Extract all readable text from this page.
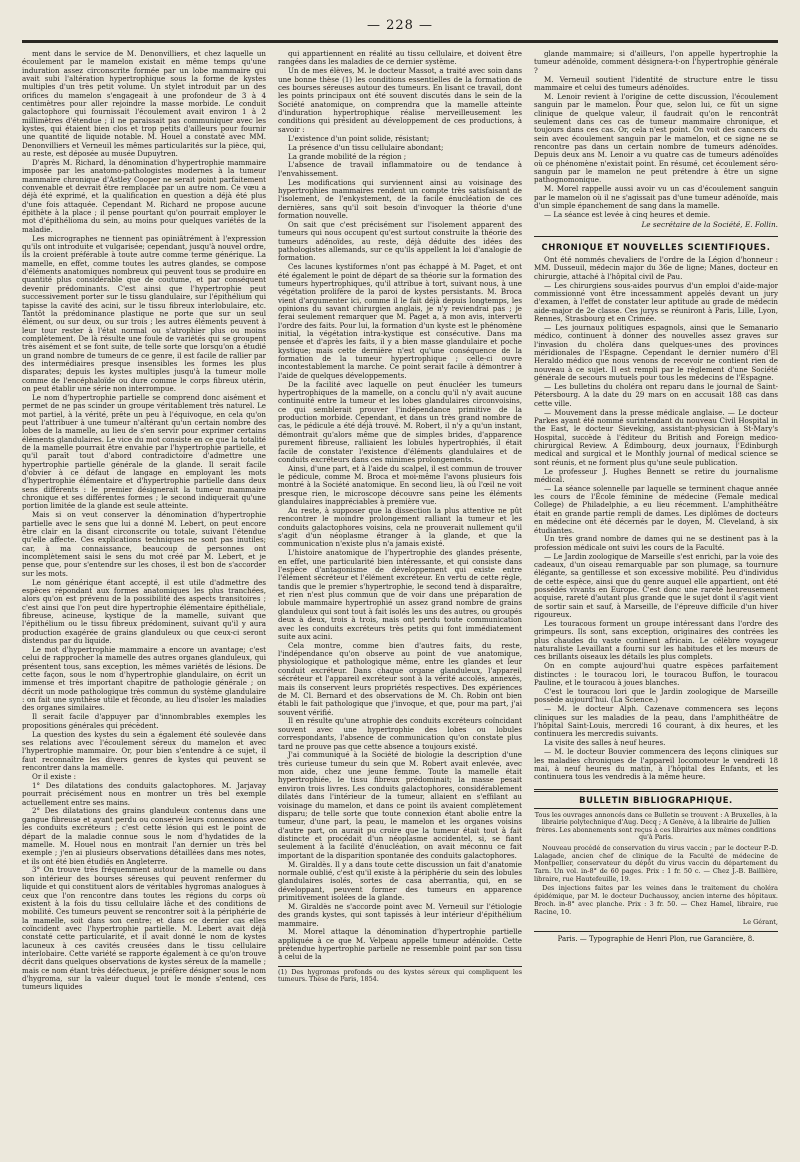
— 228 —

ment dans le service de M. Denonvilliers, et chez laquelle un écoulement par le mamelon existait en même temps qu'une induration assez circonscrite formée par un lobe mammaire qui avait subi l'altération hypertrophique sous la forme de kystes multiples d'un très petit volume. Un stylet introduit par un des orifices du mamelon s'engageait à une profondeur de 3 à 4 centimètres pour aller rejoindre la masse morbide. Le conduit galactophore qui fournissait l'écoulement avait environ 1 à 2 millimètres d'étendue ; il ne paraissait pas communiquer avec les kystes, qui étaient bien clos et trop petits d'ailleurs pour fournir une quantité de liquide notable. M. Houel a constaté avec MM. Denonvilliers et Verneuil les mêmes particularités sur la pièce, qui, au reste, est déposée au musée Dupuytren.

D'après M. Richard, la dénomination d'hypertrophie mammaire imposée par les anatomo-pathologistes modernes à la tumeur mammaire chronique d'Astley Cooper ne serait point parfaitement convenable et devrait être remplacée par un autre nom. Ce vœu a déjà été exprimé, et la qualification en question a déjà été plus d'une fois attaquée. Cependant M. Richard ne propose aucune épithète à la place ; il pense pourtant qu'on pourrait employer le mot d'épithélioma du sein, au moins pour quelques variétés de la maladie.

Les micrographes ne tiennent pas opiniâtrément à l'expression qu'ils ont introduite et vulgarisée; cependant, jusqu'à nouvel ordre, ils la croient préférable à toute autre comme terme générique. La mamelle, en effet, comme toutes les autres glandes, se compose d'éléments anatomiques nombreux qui peuvent tous se produire en quantité plus considérable que de coutume, et par conséquent devenir prédominants. C'est ainsi que l'hypertrophie peut successivement porter sur le tissu glandulaire, sur l'épithélium qui tapisse la cavité des acini, sur le tissu fibreux interlobulaire, etc. Tantôt la prédominance plastique ne porte que sur un seul élément, ou sur deux, ou sur trois ; les autres éléments peuvent à leur tour rester à l'état normal ou s'atrophier plus ou moins complètement. De là résulte une foule de variétés qui se groupent très aisément et se font suite, de telle sorte que lorsqu'on a étudié un grand nombre de tumeurs de ce genre, il est facile de rallier par des intermédiaires presque insensibles les formes les plus disparates; depuis les kystes multiples jusqu'à la tumeur molle comme de l'encéphaloïde ou dure comme le corps fibreux utérin, on peut établir une série non interrompue.

Le nom d'hypertrophie partielle se comprend donc aisément et permet de ne pas scinder un groupe véritablement très naturel. Le mot partiel, à la vérité, prête un peu à l'équivoque, en cela qu'on peut l'attribuer à une tumeur n'altérant qu'un certain nombre des lobes de la mamelle, au lieu de s'en servir pour exprimer certains éléments glandulaires. Le vice du mot consiste en ce que la totalité de la mamelle pourrait être envahie par l'hypertrophie partielle, et qu'il paraît tout d'abord contradictoire d'admettre une hypertrophie partielle générale de la glande. Il serait facile d'obvier à ce défaut de langage en employant les mots d'hypertrophie élémentaire et d'hypertrophie partielle dans deux sens différents : le premier désignerait la tumeur mammaire chronique et ses différentes formes ; le second indiquerait qu'une portion limitée de la glande est seule atteinte.

Mais si on veut conserver la dénomination d'hypertrophie partielle avec le sens que lui a donné M. Lebert, on peut encore être clair en la disant circonscrite ou totale, suivant l'étendue qu'elle affecte. Ces explications techniques ne sont pas inutiles; car, à ma connaissance, beaucoup de personnes ont incomplètement saisi le sens du mot créé par M. Lebert, et je pense que, pour s'entendre sur les choses, il est bon de s'accorder sur les mots.

Le nom générique étant accepté, il est utile d'admettre des espèces répondant aux formes anatomiques les plus tranchées, alors qu'on est prévenu de la possibilité des aspects transitoires ; c'est ainsi que l'on peut dire hypertrophie élémentaire épithéliale, fibreuse, acineuse, kystique de la mamelle, suivant que l'épithélium ou le tissu fibreux prédominent, suivant qu'il y aura production exagérée de grains glanduleux ou que ceux-ci seront distendus par du liquide.

Le mot d'hypertrophie mammaire a encore un avantage; c'est celui de rapprocher la mamelle des autres organes glanduleux, qui présentent tous, sans exception, les mêmes variétés de lésions. De cette façon, sous le nom d'hypertrophie glandulaire, on écrit un immense et très important chapitre de pathologie générale ; on décrit un mode pathologique très commun du système glandulaire : on fait une synthèse utile et féconde, au lieu d'isoler les maladies des organes similaires.

Il serait facile d'appuyer par d'innombrables exemples les propositions générales qui précèdent.

La question des kystes du sein a également été soulevée dans ses relations avec l'écoulement séreux du mamelon et avec l'hypertrophie mammaire. Or, pour bien s'entendre à ce sujet, il faut reconnaître les divers genres de kystes qui peuvent se rencontrer dans la mamelle.

Or il existe :

1° Des dilatations des conduits galactophores. M. Jarjavay pourrait précisément nous en montrer un très bel exemple actuellement entre ses mains.

2° Des dilatations des grains glanduleux contenus dans une gangue fibreuse et ayant perdu ou conservé leurs connexions avec les conduits excréteurs ; c'est cette lésion qui est le point de départ de la maladie connue sous le nom d'hydatides de la mamelle. M. Houel nous en montrait l'an dernier un très bel exemple ; j'en ai plusieurs observations détaillées dans mes notes, et ils ont été bien étudiés en Angleterre.

3° On trouve très fréquemment autour de la mamelle ou dans son intérieur des bourses séreuses qui peuvent renfermer du liquide et qui constituent alors de véritables hygromas analogues à ceux que l'on rencontre dans toutes les régions du corps où existent à la fois du tissu cellulaire lâche et des conditions de mobilité. Ces tumeurs peuvent se rencontrer soit à la périphérie de la mamelle, soit dans son centre; et dans ce dernier cas elles coïncident avec l'hypertrophie partielle. M. Lebert avait déjà constaté cette particularité, et il avait donné le nom de kystes lacuneux à ces cavités creusées dans le tissu cellulaire interlobaire. Cette variété se rapporte également à ce qu'on trouve décrit dans quelques observations de kystes séreux de la mamelle ; mais ce nom étant très défectueux, je préfère désigner sous le nom d'hygroma, sur la valeur duquel tout le monde s'entend, ces tumeurs liquides

qui appartiennent en réalité au tissu cellulaire, et doivent être rangées dans les maladies de ce dernier système.

Un de mes élèves, M. le docteur Massot, a traité avec soin dans une bonne thèse (1) les conditions essentielles de la formation de ces bourses séreuses autour des tumeurs. En lisant ce travail, dont les points principaux ont été souvent discutés dans le sein de la Société anatomique, on comprendra que la mamelle atteinte d'induration hypertrophique réalise merveilleusement les conditions qui président au développement de ces productions, à savoir :

L'existence d'un point solide, résistant;

La présence d'un tissu cellulaire abondant;

La grande mobilité de la région ;

L'absence de travail inflammatoire ou de tendance à l'envahissement.

Les modifications qui surviennent ainsi au voisinage des hypertrophies mammaires rendent un compte très satisfaisant de l'isolement, de l'enkystement, de la facile énucléation de ces dernières, sans qu'il soit besoin d'invoquer la théorie d'une formation nouvelle.

On sait que c'est précisément sur l'isolement apparent des tumeurs qui nous occupent qu'est surtout construite la théorie des tumeurs adénoïdes, au reste, déjà déduite des idées des pathologistes allemands, sur ce qu'ils appellent la loi d'analogie de formation.

Ces lacunes kystiformes n'ont pas échappé à M. Paget, et ont été également le point de départ de sa théorie sur la formation des tumeurs hypertrophiques, qu'il attribue à tort, suivant nous, à une végétation prolifère de la paroi de kystes persistants. M. Broca vient d'argumenter ici, comme il le fait déjà depuis longtemps, les opinions du savant chirurgien anglais, je n'y reviendrai pas ; je ferai seulement remarquer que M. Paget a, à mon avis, interverti l'ordre des faits. Pour lui, la formation d'un kyste est le phénomène initial, la végétation intra-kystique est consécutive. Dans ma pensée et d'après les faits, il y a bien masse glandulaire et poche kystique; mais cette dernière n'est qu'une conséquence de la formation de la tumeur hypertrophique ; celle-ci ouvre incontestablement la marche. Ce point serait facile à démontrer à l'aide de quelques développements.

De la facilité avec laquelle on peut énucléer les tumeurs hypertrophiques de la mamelle, on a conclu qu'il n'y avait aucune continuité entre la tumeur et les lobes glandulaires circonvoisins, ce qui semblerait prouver l'indépendance primitive de la production morbide. Cependant, et dans un très grand nombre de cas, le pédicule a été déjà trouvé. M. Robert, il n'y a qu'un instant, démontrait qu'alors même que de simples brides, d'apparence purement fibreuse, ralliaient les lobules hypertrophiés, il était facile de constater l'existence d'éléments glandulaires et de conduits excréteurs dans ces minimes prolongements.

Ainsi, d'une part, et à l'aide du scalpel, il est commun de trouver le pédicule, comme M. Broca et moi-même l'avons plusieurs fois montré à la Société anatomique. En second lieu, là où l'œil ne voit presque rien, le microscope découvre sans peine les éléments glandulaires inappréciables à première vue.

Au reste, à supposer que la dissection la plus attentive ne pût rencontrer le moindre prolongement ralliant la tumeur et les conduits galactophores voisins, cela ne prouverait nullement qu'il s'agit d'un néoplasme étranger à la glande, et que la communication n'existe plus n'a jamais existé.

L'histoire anatomique de l'hypertrophie des glandes présente, en effet, une particularité bien intéressante, et qui consiste dans l'espèce d'antagonisme de développement qui existe entre l'élément sécréteur et l'élément excréteur. En vertu de cette règle, tandis que le premier s'hypertrophie, le second tend à disparaître, et rien n'est plus commun que de voir dans une préparation de lobule mammaire hypertrophié un assez grand nombre de grains glanduleux qui sont tout à fait isolés les uns des autres, ou groupés deux à deux, trois à trois, mais ont perdu toute communication avec les conduits excréteurs très petits qui font immédiatement suite aux acini.

Cela montre, comme bien d'autres faits, du reste, l'indépendance qu'on observe au point de vue anatomique, physiologique et pathologique même, entre les glandes et leur conduit excréteur. Dans chaque organe glanduleux, l'appareil sécréteur et l'appareil excréteur sont à la vérité accolés, annexés, mais ils conservent leurs propriétés respectives. Des expériences de M. Cl. Bernard et des observations de M. Ch. Robin ont bien établi le fait pathologique que j'invoque, et que, pour ma part, j'ai souvent vérifié.

Il en résulte qu'une atrophie des conduits excréteurs coïncidant souvent avec une hypertrophie des lobes ou lobules correspondants, l'absence de communication qu'on constate plus tard ne prouve pas que cette absence a toujours existé.

J'ai communiqué à la Société de biologie la description d'une très curieuse tumeur du sein que M. Robert avait enlevée, avec mon aide, chez une jeune femme. Toute la mamelle était hypertrophiée, le tissu fibreux prédominait; la masse pesait environ trois livres. Les conduits galactophores, considérablement dilatés dans l'intérieur de la tumeur, allaient en s'effilant au voisinage du mamelon, et dans ce point ils avaient complètement disparu; de telle sorte que toute connexion étant abolie entre la tumeur, d'une part, la peau, le mamelon et les organes voisins d'autre part, on aurait pu croire que la tumeur était tout à fait distincte et procédait d'un néoplasme accidentel, si, se fiant seulement à la facilité d'énucléation, on avait méconnu ce fait important de la disparition spontanée des conduits galactophores.

M. Giraldès. Il y a dans toute cette discussion un fait d'anatomie normale oublié, c'est qu'il existe à la périphérie du sein des lobules glandulaires isolés, sortes de casa aberrantia, qui, en se développant, peuvent former des tumeurs en apparence primitivement isolées de la glande.

M. Giraldès ne s'accorde point avec M. Verneuil sur l'étiologie des grands kystes, qui sont tapissés à leur intérieur d'épithélium mammaire.

M. Morel attaque la dénomination d'hypertrophie partielle appliquée à ce que M. Velpeau appelle tumeur adénoïde. Cette prétendue hypertrophie partielle ne ressemble point par son tissu à celui de la

(1) Des hygromas profonds ou des kystes séreux qui compliquent les tumeurs. Thèse de Paris, 1854.

glande mammaire; si d'ailleurs, l'on appelle hypertrophie la tumeur adénoïde, comment désignera-t-on l'hypertrophie générale ?

M. Verneuil soutient l'identité de structure entre le tissu mammaire et celui des tumeurs adénoïdes.

M. Lenoir revient à l'origine de cette discussion, l'écoulement sanguin par le mamelon. Pour que, selon lui, ce fût un signe clinique de quelque valeur, il faudrait qu'on le rencontrât seulement dans ces cas de tumeur mammaire chronique, et toujours dans ces cas. Or, cela n'est point. On voit des cancers du sein avec écoulement sanguin par le mamelon, et ce signe ne se rencontre pas dans un certain nombre de tumeurs adénoïdes. Depuis deux ans M. Lenoir a vu quatre cas de tumeurs adénoïdes où ce phénomène n'existait point. En résumé, cet écoulement séro-sanguin par le mamelon ne peut prétendre à être un signe pathognomonique.

M. Morel rappelle aussi avoir vu un cas d'écoulement sanguin par le mamelon où il ne s'agissait pas d'une tumeur adénoïde, mais d'un simple épanchement de sang dans la mamelle.

— La séance est levée à cinq heures et demie.

Le secrétaire de la Société, E. Follin.
CHRONIQUE ET NOUVELLES SCIENTIFIQUES.

Ont été nommés chevaliers de l'ordre de la Légion d'honneur : MM. Dusseuil, médecin major du 36e de ligne; Manes, docteur en chirurgie, attaché à l'hôpital civil de Pau.

— Les chirurgiens sous-aides pourvus d'un emploi d'aide-major commissionné vont être incessamment appelés devant un jury d'examen, à l'effet de constater leur aptitude au grade de médecin aide-major de 2e classe. Ces jurys se réuniront à Paris, Lille, Lyon, Rennes, Strasbourg et en Crimée.

— Les journaux politiques espagnols, ainsi que le Semanario médico, continuent à donner des nouvelles assez graves sur l'invasion du choléra dans quelques-unes des provinces méridionales de l'Espagne. Cependant le dernier numéro d'El Heraldo médico que nous venons de recevoir ne contient rien de nouveau à ce sujet. Il est rempli par le règlement d'une Société générale de secours mutuels pour tous les médecins de l'Espagne.

— Les bulletins du choléra ont reparu dans le journal de Saint-Pétersbourg. A la date du 29 mars on en accusait 188 cas dans cette ville.

— Mouvement dans la presse médicale anglaise. — Le docteur Parkes ayant été nommé surintendant du nouveau Civil Hospital in the East, le docteur Sieveking, assistant-physician à St-Mary's Hospital, succède à l'éditeur du British and Foreign medico-chirurgical Review. A Édimbourg, deux journaux, l'Edinburgh medical and surgical et le Monthly journal of medical science se sont réunis, et ne forment plus qu'une seule publication.

Le professeur J. Hughes Bennett se retire du journalisme médical.

— La séance solennelle par laquelle se terminent chaque année les cours de l'École féminine de médecine (Female medical College) de Philadelphie, a eu lieu récemment. L'amphithéâtre était en grande partie rempli de dames. Les diplômes de docteurs en médecine ont été décernés par le doyen, M. Cleveland, à six étudiantes.

Un très grand nombre de dames qui ne se destinent pas à la profession médicale ont suivi les cours de la Faculté.

— Le Jardin zoologique de Marseille s'est enrichi, par la voie des cadeaux, d'un oiseau remarquable par son plumage, sa tournure élégante, sa gentillesse et son excessive mobilité. Peu d'individus de cette espèce, ainsi que du genre auquel elle appartient, ont été possédés vivants en Europe. C'est donc une rareté heureusement acquise, rareté d'autant plus grande que le sujet dont il s'agit vient de sortir sain et sauf, à Marseille, de l'épreuve difficile d'un hiver rigoureux.

Les touracous forment un groupe intéressant dans l'ordre des grimpeurs. Ils sont, sans exception, originaires des contrées les plus chaudes du vaste continent africain. Le célèbre voyageur naturaliste Levaillant a fourni sur les habitudes et les mœurs de ces brillants oiseaux les détails les plus complets.

On en compte aujourd'hui quatre espèces parfaitement distinctes : le touracou lori, le touracou Buffon, le touracou Pauline, et le touracou à joues blanches.

C'est le touracou lori que le Jardin zoologique de Marseille possède aujourd'hui. (La Science.)

— M. le docteur Alph. Cazenave commencera ses leçons cliniques sur les maladies de la peau, dans l'amphithéâtre de l'hôpital Saint-Louis, mercredi 16 courant, à dix heures, et les continuera les mercredis suivants.

La visite des salles à neuf heures.

— M. le docteur Bouvier commencera des leçons cliniques sur les maladies chroniques de l'appareil locomoteur le vendredi 18 mai, à neuf heures du matin, à l'hôpital des Enfants, et les continuera tous les vendredis à la même heure.

BULLETIN BIBLIOGRAPHIQUE.
Tous les ouvrages annoncés dans ce Bulletin se trouvent : A Bruxelles, à la librairie polytechnique d'Aug. Decq ; A Genève, à la librairie de Jullien frères. Les abonnements sont reçus à ces librairies aux mêmes conditions qu'à Paris.
Nouveau procédé de conservation du virus vaccin ; par le docteur P.-D. Lalagade, ancien chef de clinique de la Faculté de médecine de Montpellier, conservateur du dépôt du virus vaccin du département du Tarn. Un vol. in-8° de 60 pages. Prix : 1 fr. 50 c. — Chez J.-B. Baillière, libraire, rue Hautefeuille, 19.
Des injections faites par les veines dans le traitement du choléra épidémique, par M. le docteur Duchaussoy, ancien interne des hôpitaux. Broch. in-8° avec planche. Prix : 3 fr. 50. — Chez Hamel, libraire, rue Racine, 10.
Le Gérant,
Paris. — Typographie de Henri Plon, rue Garancière, 8.
